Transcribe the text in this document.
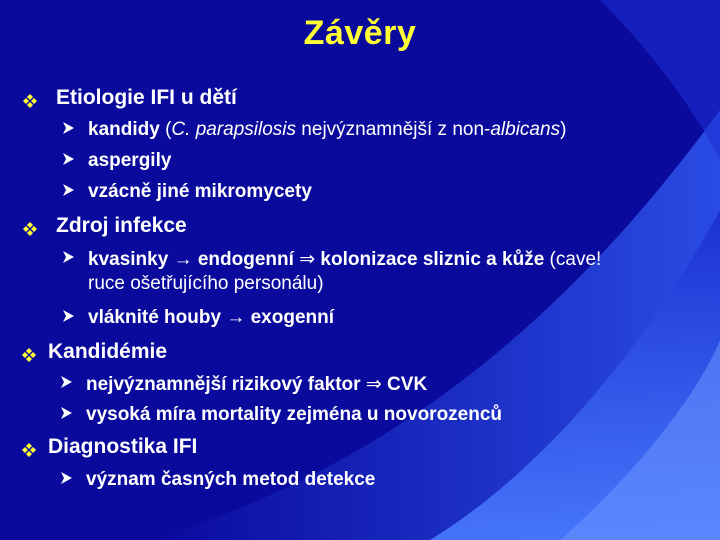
Závěry
Etiologie IFI u dětí
kandidy (C. parapsilosis nejvýznamnější z non-albicans)
aspergily
vzácně jiné mikromycety
Zdroj infekce
kvasinky → endogenní ⇒ kolonizace sliznic a kůže (cave!
ruce ošetřujícího personálu)
vláknité houby → exogenní
Kandidémie
nejvýznamnější rizikový faktor ⇒ CVK
vysoká míra mortality zejména u novorozenců
Diagnostika IFI
význam časných metod detekce
